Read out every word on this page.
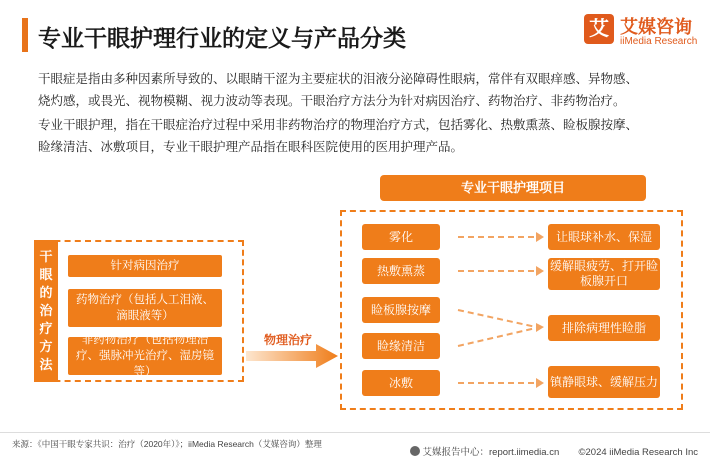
专业干眼护理行业的定义与产品分类	艾 艾媒咨询
iiMedia Research
干眼症是指由多种因素所导致的、以眼睛干涩为主要症状的泪液分泌障碍性眼病，常伴有双眼痒感、异物感、
烧灼感，或畏光、视物模糊、视力波动等表现。干眼治疗方法分为针对病因治疗、药物治疗、非药物治疗。
专业干眼护理，指在干眼症治疗过程中采用非药物治疗的物理治疗方式，包括雾化、热敷熏蒸、睑板腺按摩、
睑缘清洁、冰敷项目，专业干眼护理产品指在眼科医院使用的医用护理产品。
干
眼
的
治
疗
方
法
针对病因治疗
药物治疗（包括人工泪液、滴眼液等）
非药物治疗（包括物理治疗、强脉冲光治疗、湿房镜等）
物理治疗
专业干眼护理项目
雾化
热敷熏蒸
睑板腺按摩
睑缘清洁
冰敷
让眼球补水、保湿
缓解眼疲劳、打开睑板腺开口
排除病理性睑脂
镇静眼球、缓解压力
来源：《中国干眼专家共识：治疗（2020年）》；iiMedia Research（艾媒咨询）整理
艾媒报告中心：report.iimedia.cn ©2024 iiMedia Research Inc
